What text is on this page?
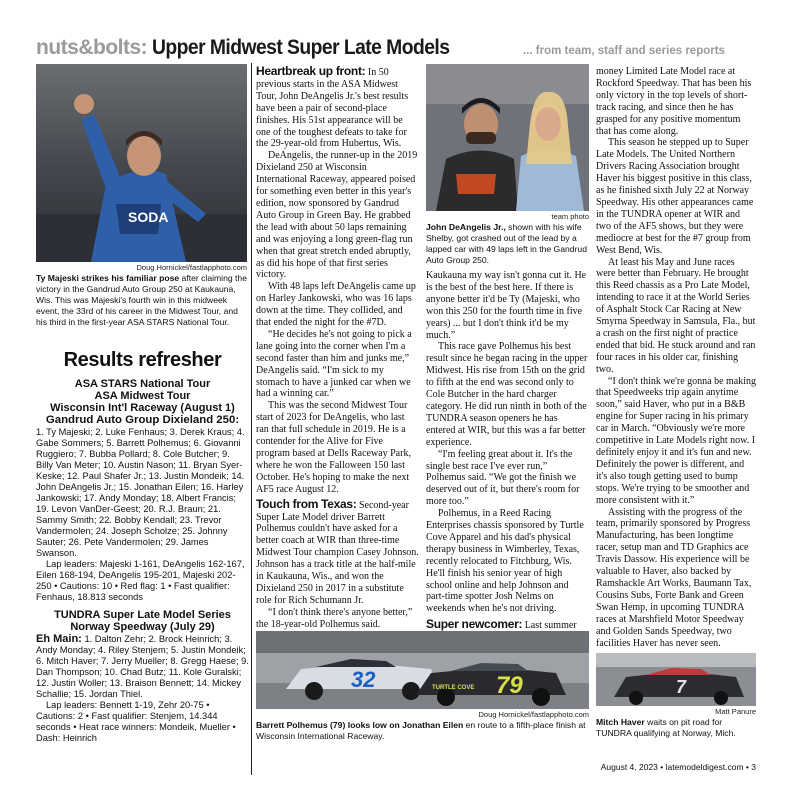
nuts&bolts: Upper Midwest Super Late Models	... from team, staff and series reports
SODA
Doug Hornickel/fastlapphoto.com
Ty Majeski strikes his familiar pose after claiming the victory in the Gandrud Auto Group 250 at Kaukauna, Wis. This was Majeski's fourth win in this midweek event, the 33rd of his career in the Midwest Tour, and his third in the first-year ASA STARS National Tour.
Results refresher
ASA STARS National Tour
ASA Midwest Tour
Wisconsin Int'l Raceway (August 1)
Gandrud Auto Group Dixieland 250:

1. Ty Majeski; 2. Luke Fenhaus; 3. Derek Kraus; 4. Gabe Sommers; 5. Barrett Polhemus; 6. Giovanni Ruggiero; 7. Bubba Pollard; 8. Cole Butcher; 9. Billy Van Meter; 10. Austin Nason; 11. Bryan Syer-Keske; 12. Paul Shafer Jr.; 13. Justin Mondeik; 14. John DeAngelis Jr.; 15. Jonathan Eilen; 16. Harley Jankowski; 17. Andy Monday; 18. Albert Francis; 19. Levon VanDer-Geest; 20. R.J. Braun; 21. Sammy Smith; 22. Bobby Kendall; 23. Trevor Vandermolen; 24. Joseph Scholze; 25. Johnny Sauter; 26. Pete Vandermolen; 29. James Swanson.

Lap leaders: Majeski 1-161, DeAngelis 162-167, Eilen 168-194, DeAngelis 195-201, Majeski 202-250 • Cautions: 10 • Red flag: 1 • Fast qualifier: Fenhaus, 18.813 seconds

TUNDRA Super Late Model Series
Norway Speedway (July 29)

Eh Main: 1. Dalton Zehr; 2. Brock Heinrich; 3. Andy Monday; 4. Riley Stenjem; 5. Justin Mondeik; 6. Mitch Haver; 7. Jerry Mueller; 8. Gregg Haese; 9. Dan Thompson; 10. Chad Butz; 11. Kole Guralski; 12. Justin Woller; 13. Braison Bennett; 14. Mickey Schallie; 15. Jordan Thiel.

Lap leaders: Bennett 1-19, Zehr 20-75 • Cautions: 2 • Fast qualifier: Stenjem, 14.344 seconds • Heat race winners: Mondeik, Mueller • Dash: Heinrich

Heartbreak up front: In 50 previous starts in the ASA Midwest Tour, John DeAngelis Jr.'s best results have been a pair of second-place finishes. His 51st appearance will be one of the toughest defeats to take for the 29-year-old from Hubertus, Wis.

DeAngelis, the runner-up in the 2019 Dixieland 250 at Wisconsin International Raceway, appeared poised for something even better in this year's edition, now sponsored by Gandrud Auto Group in Green Bay. He grabbed the lead with about 50 laps remaining and was enjoying a long green-flag run when that great stretch ended abruptly, as did his hope of that first series victory.

With 48 laps left DeAngelis came up on Harley Jankowski, who was 16 laps down at the time. They collided, and that ended the night for the #7D.

“He decides he's not going to pick a lane going into the corner when I'm a second faster than him and junks me,” DeAngelis said. “I'm sick to my stomach to have a junked car when we had a winning car.”

This was the second Midwest Tour start of 2023 for DeAngelis, who last ran that full schedule in 2019. He is a contender for the Alive for Five program based at Dells Raceway Park, where he won the Falloween 150 last October. He's hoping to make the next AF5 race August 12.

Touch from Texas: Second-year Super Late Model driver Barrett Polhemus couldn't have asked for a better coach at WIR than three-time Midwest Tour champion Casey Johnson. Johnson has a track title at the half-mile in Kaukauna, Wis., and won the Dixieland 250 in 2017 in a substitute role for Rich Schumann Jr.

“I don't think there's anyone better,” the 18-year-old Polhemus said.

team photo
John DeAngelis Jr., shown with his wife Shelby, got crashed out of the lead by a lapped car with 49 laps left in the Gandrud Auto Group 250.

Kaukauna my way isn't gonna cut it. He is the best of the best here. If there is anyone better it'd be Ty (Majeski, who won this 250 for the fourth time in five years) ... but I don't think it'd be my much.”

This race gave Polhemus his best result since he began racing in the upper Midwest. His rise from 15th on the grid to fifth at the end was second only to Cole Butcher in the hard charger category. He did run ninth in both of the TUNDRA season openers he has entered at WIR, but this was a far better experience.

“I'm feeling great about it. It's the single best race I've ever run,” Polhemus said. “We got the finish we deserved out of it, but there's room for more too.”

Polhemus, in a Reed Racing Enterprises chassis sponsored by Turtle Cove Apparel and his dad's physical therapy business in Wimberley, Texas, recently relocated to Fitchburg, Wis. He'll finish his senior year of high school online and help Johnson and part-time spotter Josh Nelms on weekends when he's not driving.

Super newcomer: Last summer

32	79
TURTLE COVE
Doug Hornickel/fastlapphoto.com
Barrett Polhemus (79) looks low on Jonathan Eilen en route to a fifth-place finish at Wisconsin International Raceway.

money Limited Late Model race at Rockford Speedway. That has been his only victory in the top levels of short-track racing, and since then he has grasped for any positive momentum that has come along.

This season he stepped up to Super Late Models. The United Northern Drivers Racing Association brought Haver his biggest positive in this class, as he finished sixth July 22 at Norway Speedway. His other appearances came in the TUNDRA opener at WIR and two of the AF5 shows, but they were mediocre at best for the #7 group from West Bend, Wis.

At least his May and June races were better than February. He brought this Reed chassis as a Pro Late Model, intending to race it at the World Series of Asphalt Stock Car Racing at New Smyrna Speedway in Samsula, Fla., but a crash on the first night of practice ended that bid. He stuck around and ran four races in his older car, finishing two.

“I don't think we're gonna be making that Speedweeks trip again anytime soon,” said Haver, who put in a B&B engine for Super racing in his primary car in March. “Obviously we're more competitive in Late Models right now. I definitely enjoy it and it's fun and new. Definitely the power is different, and it's also tough getting used to bump stops. We're trying to be smoother and more consistent with it.”

Assisting with the progress of the team, primarily sponsored by Progress Manufacturing, has been longtime racer, setup man and TD Graphics ace Travis Dassow. His experience will be valuable to Haver, also backed by Ramshackle Art Works, Baumann Tax, Cousins Subs, Forte Bank and Green Swan Hemp, in upcoming TUNDRA races at Marshfield Motor Speedway and Golden Sands Speedway, two facilities Haver has never seen.

7
Matt Panure
Mitch Haver waits on pit road for TUNDRA qualifying at Norway, Mich.
August 4, 2023 • latemodeldigest.com • 3
